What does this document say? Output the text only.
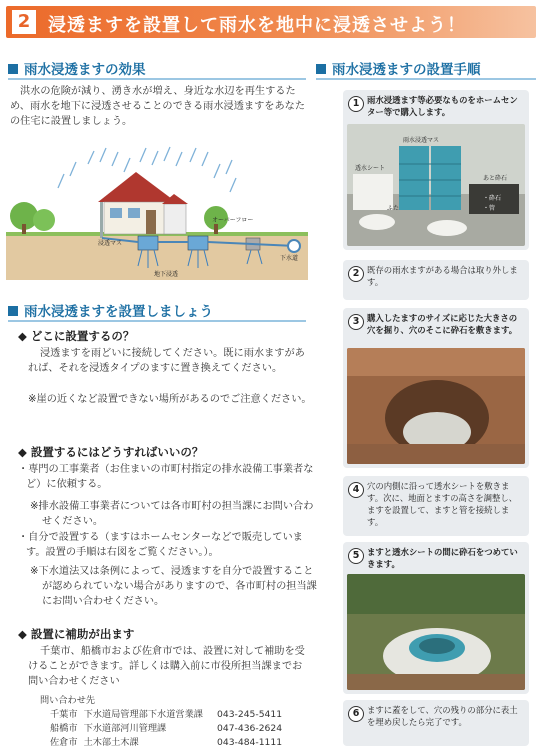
2 浸透ますを設置して雨水を地中に浸透させよう！
雨水浸透ますの効果
洪水の危険が減り、湧き水が増え、身近な水辺を再生するため、雨水を地下に浸透させることのできる雨水浸透ますをあなたの住宅に設置しましょう。
オーバーフロー
浸透マス
地下浸透
下水道
雨水浸透ますを設置しましょう
◆ どこに設置するの？
浸透ますを雨どいに接続してください。既に雨水ますがあれば、それを浸透タイプのますに置き換えてください。
※崖の近くなど設置できない場所があるのでご注意ください。
◆ 設置するにはどうすればいいの？
・専門の工事業者（お住まいの市町村指定の排水設備工事業者など）に依頼する。
※排水設備工事業者については各市町村の担当課にお問い合わせください。
・自分で設置する（ますはホームセンターなどで販売しています。設置の手順は右図をご覧ください。）。
※下水道法又は条例によって、浸透ますを自分で設置することが認められていない場合がありますので、各市町村の担当課にお問い合わせください。
◆ 設置に補助が出ます
千葉市、船橋市および佐倉市では、設置に対して補助を受けることができます。詳しくは購入前に市役所担当課までお問い合わせください
問い合わせ先
千葉市	下水道局管理部下水道営業課	043-245-5411
船橋市	下水道部河川管理課	047-436-2624
佐倉市	土木部土木課	043-484-1111
雨水浸透ますの設置手順
1 雨水浸透ます等必要なものをホームセンター等で購入します。
雨水浸透マス
透水シート
ふた
あと砕石
・砕石
・管
2 既存の雨水ますがある場合は取り外します。
3 購入したますのサイズに応じた大きさの穴を掘り、穴のそこに砕石を敷きます。
4 穴の内側に沿って透水シートを敷きます。次に、地面とますの高さを調整し、ますを設置して、ますと管を接続します。
5 ますと透水シートの間に砕石をつめていきます。
6 ますに蓋をして、穴の残りの部分に表土を埋め戻したら完了です。
